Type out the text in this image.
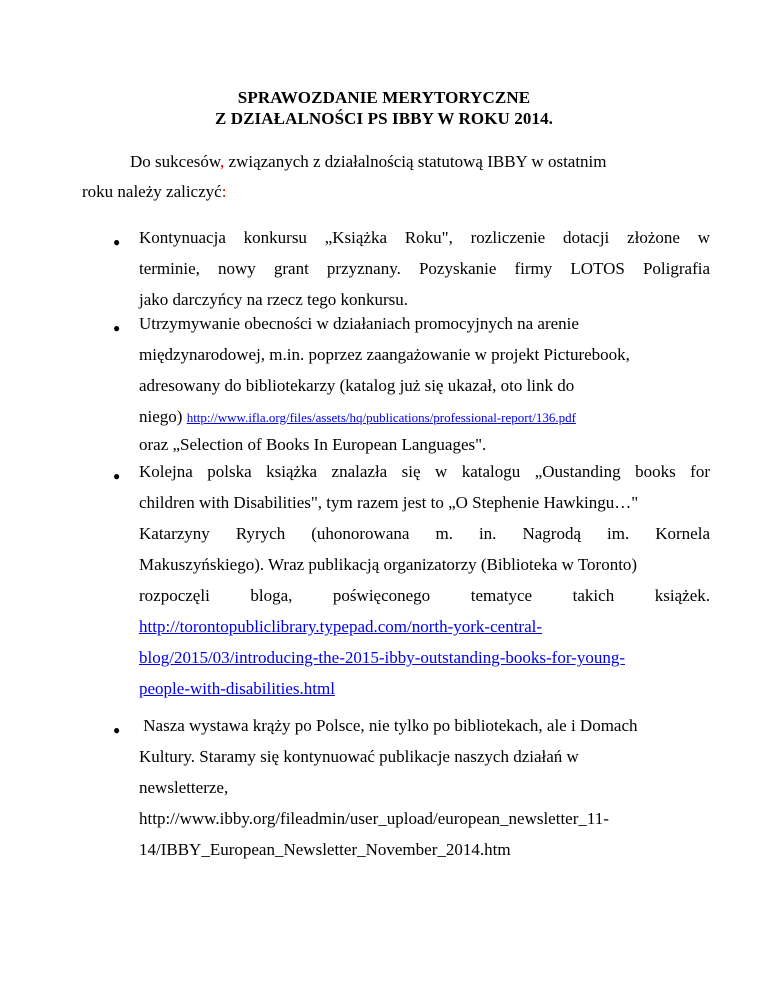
SPRAWOZDANIE MERYTORYCZNE
Z DZIAŁALNOŚCI PS IBBY W ROKU 2014.
Do sukcesów, związanych z działalnością statutową IBBY w ostatnim
roku należy zaliczyć:
● Kontynuacja konkursu „Książka Roku", rozliczenie dotacji złożone w
terminie, nowy grant przyznany. Pozyskanie firmy LOTOS Poligrafia
jako darczyńcy na rzecz tego konkursu.
● Utrzymywanie obecności w działaniach promocyjnych na arenie
międzynarodowej, m.in. poprzez zaangażowanie w projekt Picturebook,
adresowany do bibliotekarzy (katalog już się ukazał, oto link do
niego) http://www.ifla.org/files/assets/hq/publications/professional-report/136.pdf
oraz „Selection of Books In European Languages".
● Kolejna polska książka znalazła się w katalogu „Oustanding books for
children with Disabilities", tym razem jest to „O Stephenie Hawkingu…"
Katarzyny Ryrych (uhonorowana m. in. Nagrodą im. Kornela
Makuszyńskiego). Wraz publikacją organizatorzy (Biblioteka w Toronto)
rozpoczęli bloga, poświęconego tematyce takich książek.
http://torontopubliclibrary.typepad.com/north-york-central-
blog/2015/03/introducing-the-2015-ibby-outstanding-books-for-young-
people-with-disabilities.html
● Nasza wystawa krąży po Polsce, nie tylko po bibliotekach, ale i Domach
Kultury. Staramy się kontynuować publikacje naszych działań w
newsletterze,
http://www.ibby.org/fileadmin/user_upload/european_newsletter_11-
14/IBBY_European_Newsletter_November_2014.htm
